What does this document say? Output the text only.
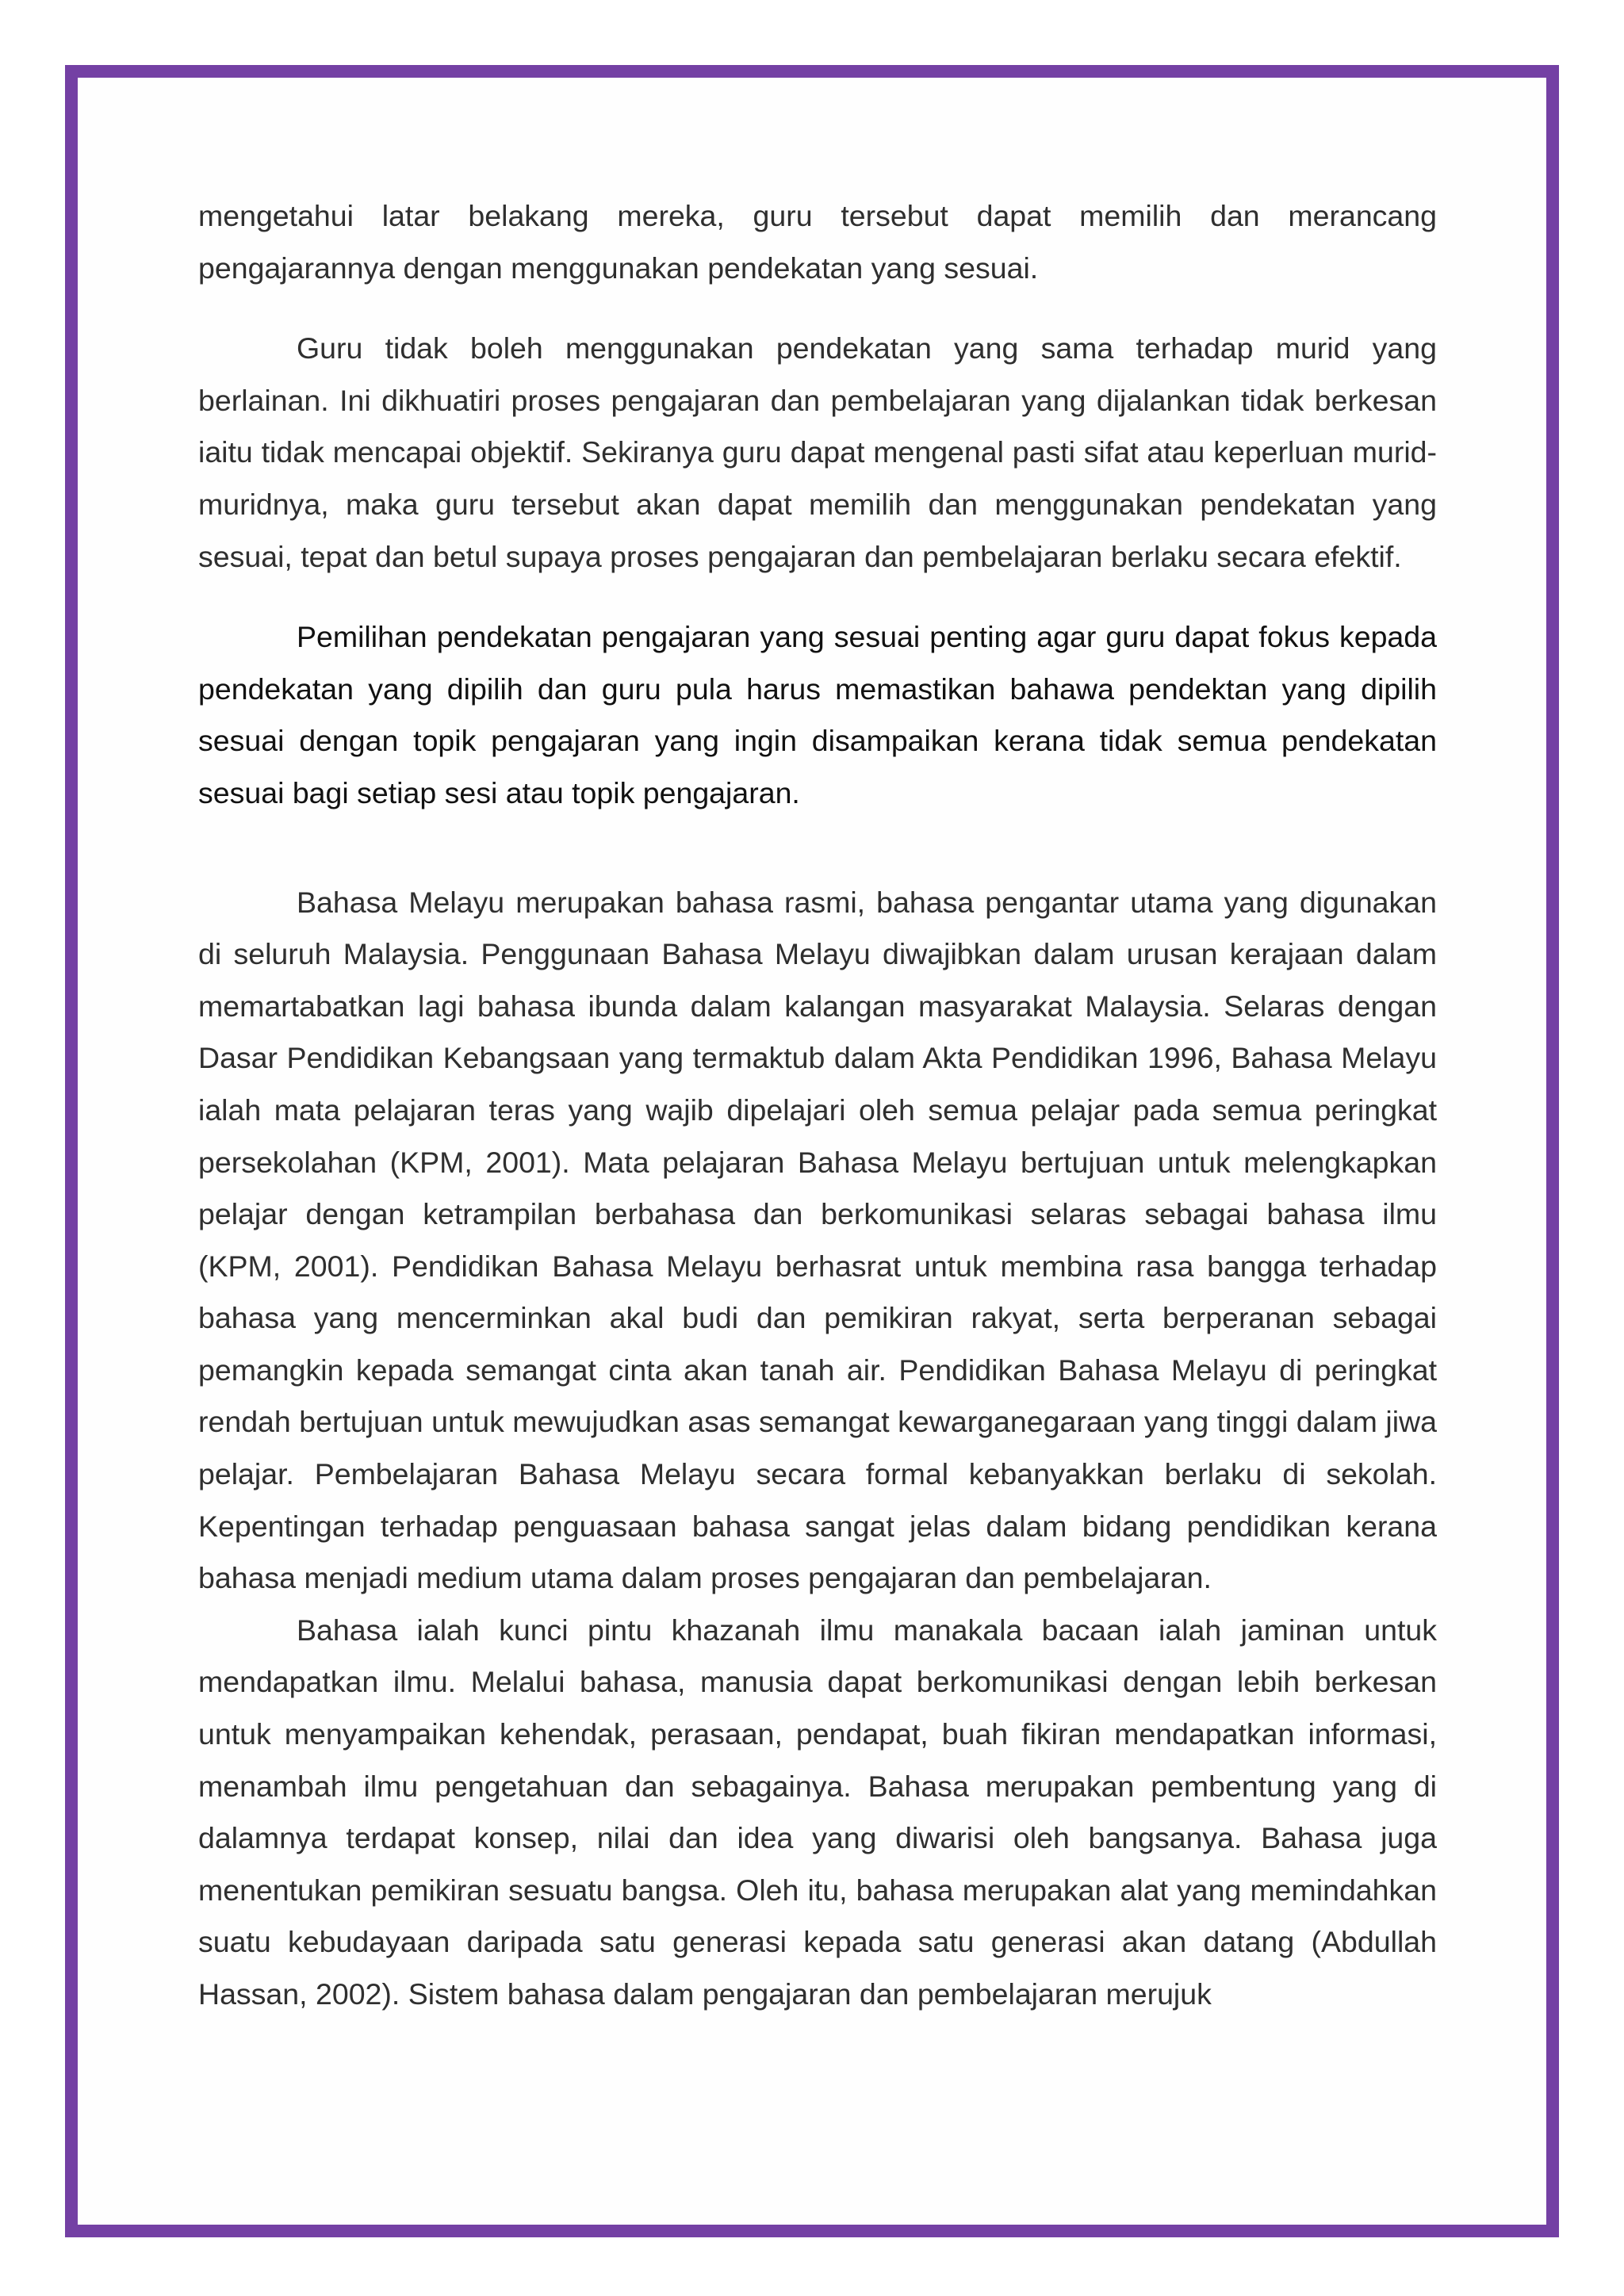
mengetahui latar belakang mereka, guru tersebut dapat memilih dan merancang pengajarannya dengan menggunakan pendekatan yang sesuai.

Guru tidak boleh menggunakan pendekatan yang sama terhadap murid yang berlainan. Ini dikhuatiri proses pengajaran dan pembelajaran yang dijalankan tidak berkesan iaitu tidak mencapai objektif. Sekiranya guru dapat mengenal pasti sifat atau keperluan murid-muridnya, maka guru tersebut akan dapat memilih dan menggunakan pendekatan yang sesuai, tepat dan betul supaya proses pengajaran dan pembelajaran berlaku secara efektif.

Pemilihan pendekatan pengajaran yang sesuai penting agar guru dapat fokus kepada pendekatan yang dipilih dan guru pula harus memastikan bahawa pendektan yang dipilih sesuai dengan topik pengajaran yang ingin disampaikan kerana tidak semua pendekatan sesuai bagi setiap sesi atau topik pengajaran.

Bahasa Melayu merupakan bahasa rasmi, bahasa pengantar utama yang digunakan di seluruh Malaysia. Penggunaan Bahasa Melayu diwajibkan dalam urusan kerajaan dalam memartabatkan lagi bahasa ibunda dalam kalangan masyarakat Malaysia. Selaras dengan Dasar Pendidikan Kebangsaan yang termaktub dalam Akta Pendidikan 1996, Bahasa Melayu ialah mata pelajaran teras yang wajib dipelajari oleh semua pelajar pada semua peringkat persekolahan (KPM, 2001). Mata pelajaran Bahasa Melayu bertujuan untuk melengkapkan pelajar dengan ketrampilan berbahasa dan berkomunikasi selaras sebagai bahasa ilmu (KPM, 2001). Pendidikan Bahasa Melayu berhasrat untuk membina rasa bangga terhadap bahasa yang mencerminkan akal budi dan pemikiran rakyat, serta berperanan sebagai pemangkin kepada semangat cinta akan tanah air. Pendidikan Bahasa Melayu di peringkat rendah bertujuan untuk mewujudkan asas semangat kewarganegaraan yang tinggi dalam jiwa pelajar. Pembelajaran Bahasa Melayu secara formal kebanyakkan berlaku di sekolah. Kepentingan terhadap penguasaan bahasa sangat jelas dalam bidang pendidikan kerana bahasa menjadi medium utama dalam proses pengajaran dan pembelajaran.

Bahasa ialah kunci pintu khazanah ilmu manakala bacaan ialah jaminan untuk mendapatkan ilmu. Melalui bahasa, manusia dapat berkomunikasi dengan lebih berkesan untuk menyampaikan kehendak, perasaan, pendapat, buah fikiran mendapatkan informasi, menambah ilmu pengetahuan dan sebagainya. Bahasa merupakan pembentung yang di dalamnya terdapat konsep, nilai dan idea yang diwarisi oleh bangsanya. Bahasa juga menentukan pemikiran sesuatu bangsa. Oleh itu, bahasa merupakan alat yang memindahkan suatu kebudayaan daripada satu generasi kepada satu generasi akan datang (Abdullah Hassan, 2002). Sistem bahasa dalam pengajaran dan pembelajaran merujuk
